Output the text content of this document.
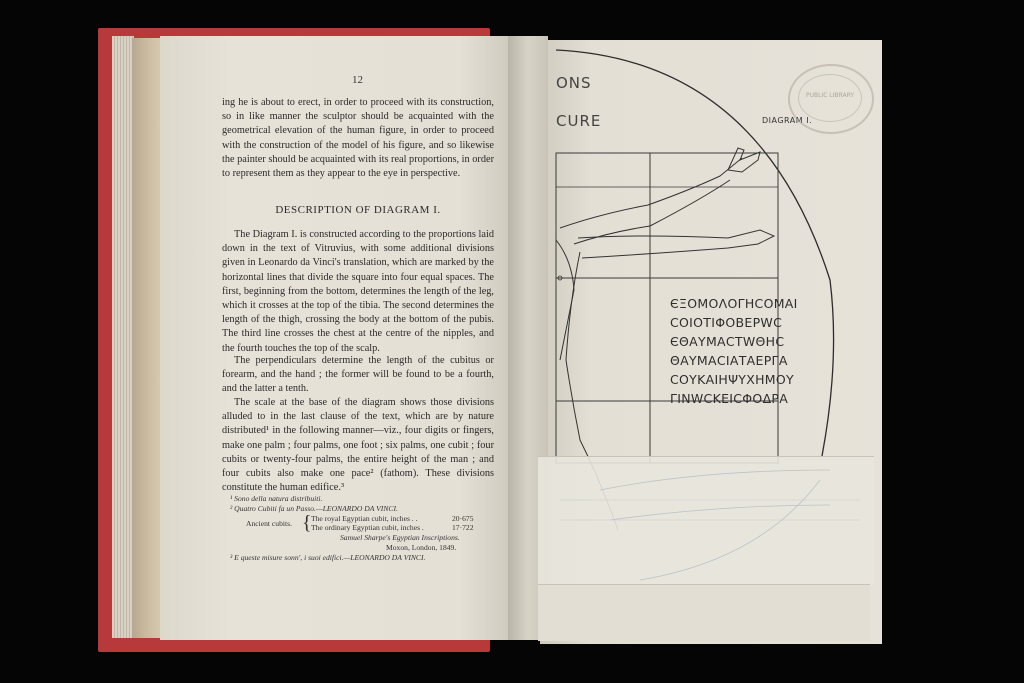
12
ing he is about to erect, in order to proceed with its construction, so in like manner the sculptor should be acquainted with the geometrical elevation of the human figure, in order to proceed with the construction of the model of his figure, and so likewise the painter should be acquainted with its real proportions, in order to represent them as they appear to the eye in perspective.
DESCRIPTION OF DIAGRAM I.
The Diagram I. is constructed according to the proportions laid down in the text of Vitruvius, with some additional divisions given in Leonardo da Vinci's translation, which are marked by the horizontal lines that divide the square into four equal spaces. The first, beginning from the bottom, determines the length of the leg, which it crosses at the top of the tibia. The second determines the length of the thigh, crossing the body at the bottom of the pubis. The third line crosses the chest at the centre of the nipples, and the fourth touches the top of the scalp.
The perpendiculars determine the length of the cubitus or forearm, and the hand ; the former will be found to be a fourth, and the latter a tenth.
The scale at the base of the diagram shows those divisions alluded to in the last clause of the text, which are by nature distributed¹ in the following manner—viz., four digits or fingers, make one palm ; four palms, one foot ; six palms, one cubit ; four cubits or twenty-four palms, the entire height of the man ; and four cubits also make one pace² (fathom). These divisions constitute the human edifice.³
¹ Sono della natura distribuiti.
² Quatro Cubiti fa un Passo.—LEONARDO DA VINCI.
Ancient cubits. { The royal Egyptian cubit, inches . .	20·675
The ordinary Egyptian cubit, inches .	17·722
Samuel Sharpe's Egyptian Inscriptions.
Moxon, London, 1849.
³ E queste misure sonn', i suoi edifici.—LEONARDO DA VINCI.
ONS
CURE	DIAGRAM I.
PUBLIC LIBRARY
ЄΞΟΜΟΛΟΓΗCΟΜΑΙ
CΟΙΟΤΙΦΟΒΕΡWC
ЄΘΑΥΜΑCΤWΘΗC
ΘΑΥΜΑCΙΑΤΑΕΡΓΑ
CΟΥΚΑΙΗΨΥΧΗΜΟΥ
ΓΙΝWCΚΕΙCΦΟΔΡΑ
